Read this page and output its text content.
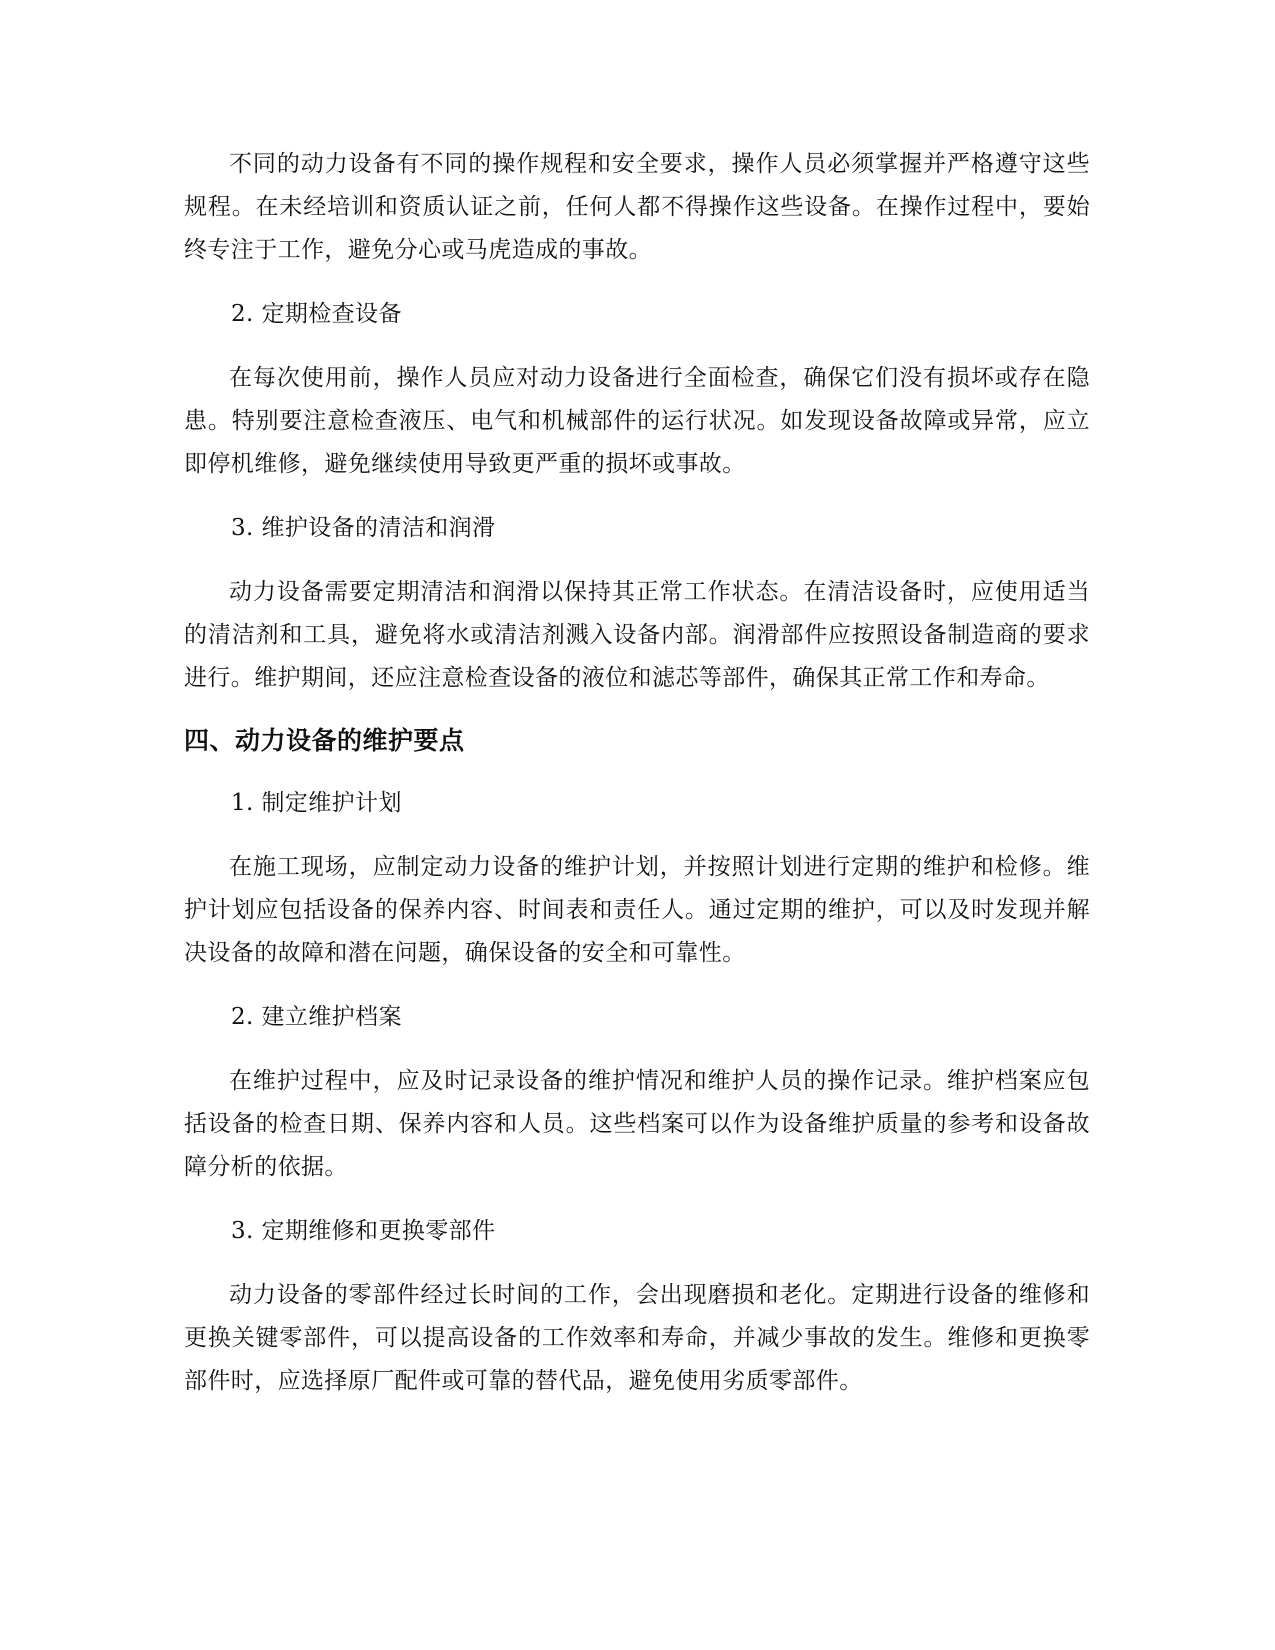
不同的动力设备有不同的操作规程和安全要求，操作人员必须掌握并严格遵守这些规程。在未经培训和资质认证之前，任何人都不得操作这些设备。在操作过程中，要始终专注于工作，避免分心或马虎造成的事故。

2. 定期检查设备

在每次使用前，操作人员应对动力设备进行全面检查，确保它们没有损坏或存在隐患。特别要注意检查液压、电气和机械部件的运行状况。如发现设备故障或异常，应立即停机维修，避免继续使用导致更严重的损坏或事故。

3. 维护设备的清洁和润滑

动力设备需要定期清洁和润滑以保持其正常工作状态。在清洁设备时，应使用适当的清洁剂和工具，避免将水或清洁剂溅入设备内部。润滑部件应按照设备制造商的要求进行。维护期间，还应注意检查设备的液位和滤芯等部件，确保其正常工作和寿命。

四、动力设备的维护要点

1. 制定维护计划

在施工现场，应制定动力设备的维护计划，并按照计划进行定期的维护和检修。维护计划应包括设备的保养内容、时间表和责任人。通过定期的维护，可以及时发现并解决设备的故障和潜在问题，确保设备的安全和可靠性。

2. 建立维护档案

在维护过程中，应及时记录设备的维护情况和维护人员的操作记录。维护档案应包括设备的检查日期、保养内容和人员。这些档案可以作为设备维护质量的参考和设备故障分析的依据。

3. 定期维修和更换零部件

动力设备的零部件经过长时间的工作，会出现磨损和老化。定期进行设备的维修和更换关键零部件，可以提高设备的工作效率和寿命，并减少事故的发生。维修和更换零部件时，应选择原厂配件或可靠的替代品，避免使用劣质零部件。
